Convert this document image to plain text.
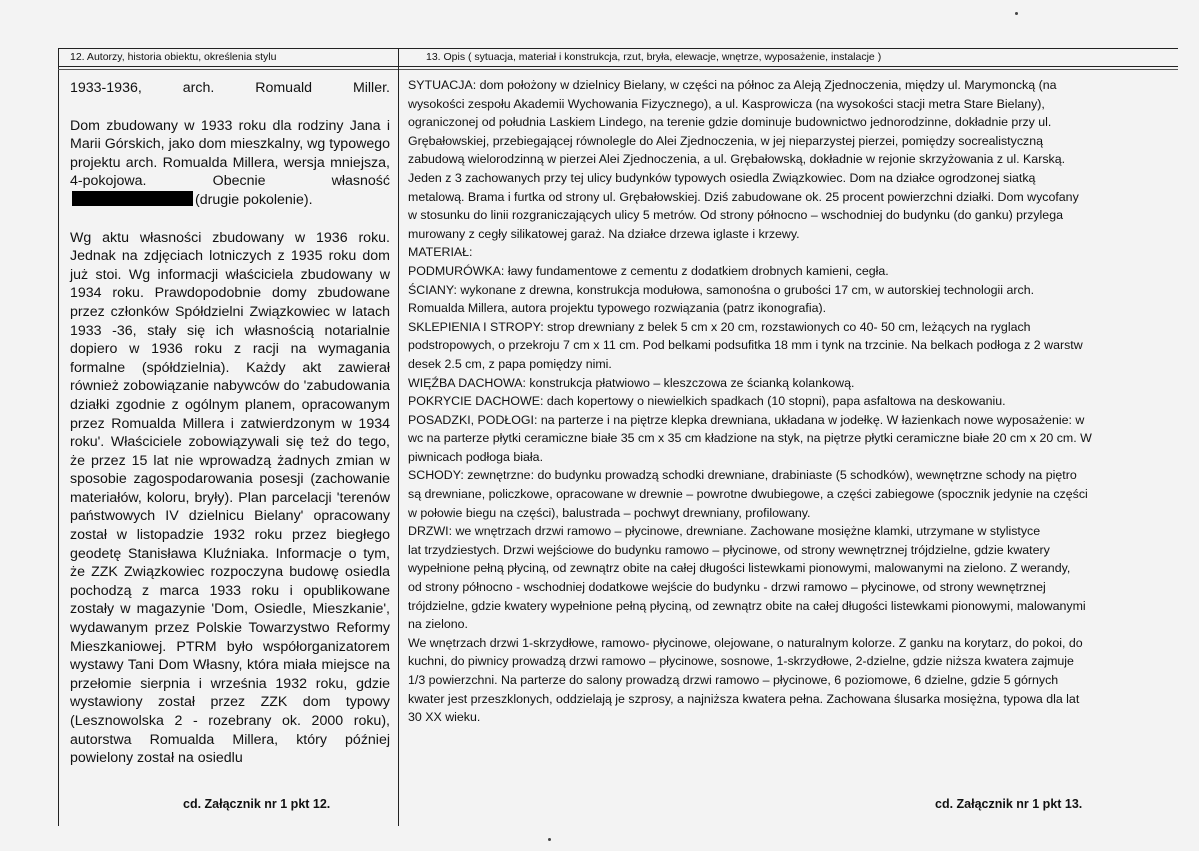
12. Autorzy, historia obiektu, określenia stylu	13. Opis ( sytuacja, materiał i konstrukcja, rzut, bryła, elewacje, wnętrze, wyposażenie, instalacje )
1933-1936,	arch.	Romuald	Miller.

Dom zbudowany w 1933 roku dla rodziny Jana i Marii Górskich, jako dom mieszkalny, wg typowego projektu arch. Romualda Millera, wersja mniejsza, 4-pokojowa. Obecnie własność (drugie pokolenie).

Wg aktu własności zbudowany w 1936 roku. Jednak na zdjęciach lotniczych z 1935 roku dom już stoi. Wg informacji właściciela zbudowany w 1934 roku. Prawdopodobnie domy zbudowane przez członków Spółdzielni Związkowiec w latach 1933 -36, stały się ich własnością notarialnie dopiero w 1936 roku z racji na wymagania formalne (spółdzielnia). Każdy akt zawierał również zobowiązanie nabywców do 'zabudowania działki zgodnie z ogólnym planem, opracowanym przez Romualda Millera i zatwierdzonym w 1934 roku'. Właściciele zobowiązywali się też do tego, że przez 15 lat nie wprowadzą żadnych zmian w sposobie zagospodarowania posesji (zachowanie materiałów, koloru, bryły). Plan parcelacji 'terenów państwowych IV dzielnicu Bielany' opracowany został w listopadzie 1932 roku przez biegłego geodetę Stanisława Kluźniaka. Informacje o tym, że ZZK Związkowiec rozpoczyna budowę osiedla pochodzą z marca 1933 roku i opublikowane zostały w magazynie 'Dom, Osiedle, Mieszkanie', wydawanym przez Polskie Towarzystwo Reformy Mieszkaniowej. PTRM było współorganizatorem wystawy Tani Dom Własny, która miała miejsce na przełomie sierpnia i września 1932 roku, gdzie wystawiony został przez ZZK dom typowy (Lesznowolska 2 - rozebrany ok. 2000 roku), autorstwa Romualda Millera, który później powielony został na osiedlu

cd. Załącznik nr 1 pkt 12.
SYTUACJA: dom położony w dzielnicy Bielany, w części na północ za Aleją Zjednoczenia, między ul. Marymoncką (na
wysokości zespołu Akademii Wychowania Fizycznego), a ul. Kasprowicza (na wysokości stacji metra Stare Bielany),
ograniczonej od południa Laskiem Lindego, na terenie gdzie dominuje budownictwo jednorodzinne, dokładnie przy ul.
Grębałowskiej, przebiegającej równolegle do Alei Zjednoczenia, w jej nieparzystej pierzei, pomiędzy socrealistyczną
zabudową wielorodzinną w pierzei Alei Zjednoczenia, a ul. Grębałowską, dokładnie w rejonie skrzyżowania z ul. Karską.
Jeden z 3 zachowanych przy tej ulicy budynków typowych osiedla Związkowiec. Dom na działce ogrodzonej siatką
metalową. Brama i furtka od strony ul. Grębałowskiej. Dziś zabudowane ok. 25 procent powierzchni działki. Dom wycofany
w stosunku do linii rozgraniczających ulicy 5 metrów. Od strony północno – wschodniej do budynku (do ganku) przylega
murowany z cegły silikatowej garaż. Na działce drzewa iglaste i krzewy.
MATERIAŁ:
PODMURÓWKA: ławy fundamentowe z cementu z dodatkiem drobnych kamieni, cegła.
ŚCIANY: wykonane z drewna, konstrukcja modułowa, samonośna o grubości 17 cm, w autorskiej technologii arch.
Romualda Millera, autora projektu typowego rozwiązania (patrz ikonografia).
SKLEPIENIA I STROPY: strop drewniany z belek 5 cm x 20 cm, rozstawionych co 40- 50 cm, leżących na ryglach
podstropowych, o przekroju 7 cm x 11 cm. Pod belkami podsufitka 18 mm i tynk na trzcinie. Na belkach podłoga z 2 warstw
desek 2.5 cm, z papa pomiędzy nimi.
WIĘŹBA DACHOWA: konstrukcja płatwiowo – kleszczowa ze ścianką kolankową.
POKRYCIE DACHOWE: dach kopertowy o niewielkich spadkach (10 stopni), papa asfaltowa na deskowaniu.
POSADZKI, PODŁOGI: na parterze i na piętrze klepka drewniana, układana w jodełkę. W łazienkach nowe wyposażenie: w
wc na parterze płytki ceramiczne białe 35 cm x 35 cm kładzione na styk, na piętrze płytki ceramiczne białe 20 cm x 20 cm. W
piwnicach podłoga biała.
SCHODY: zewnętrzne: do budynku prowadzą schodki drewniane, drabiniaste (5 schodków), wewnętrzne schody na piętro
są drewniane, policzkowe, opracowane w drewnie – powrotne dwubiegowe, a części zabiegowe (spocznik jedynie na części
w połowie biegu na części), balustrada – pochwyt drewniany, profilowany.
DRZWI: we wnętrzach drzwi ramowo – płycinowe, drewniane. Zachowane mosiężne klamki, utrzymane w stylistyce
lat trzydziestych. Drzwi wejściowe do budynku ramowo – płycinowe, od strony wewnętrznej trójdzielne, gdzie kwatery
wypełnione pełną płyciną, od zewnątrz obite na całej długości listewkami pionowymi, malowanymi na zielono. Z werandy,
od strony północno - wschodniej dodatkowe wejście do budynku - drzwi ramowo – płycinowe, od strony wewnętrznej
trójdzielne, gdzie kwatery wypełnione pełną płyciną, od zewnątrz obite na całej długości listewkami pionowymi, malowanymi
na zielono.
We wnętrzach drzwi 1-skrzydłowe, ramowo- płycinowe, olejowane, o naturalnym kolorze. Z ganku na korytarz, do pokoi, do
kuchni, do piwnicy prowadzą drzwi ramowo – płycinowe, sosnowe, 1-skrzydłowe, 2-dzielne, gdzie niższa kwatera zajmuje
1/3 powierzchni. Na parterze do salony prowadzą drzwi ramowo – płycinowe, 6 poziomowe, 6 dzielne, gdzie 5 górnych
kwater jest przeszklonych, oddzielają je szprosy, a najniższa kwatera pełna. Zachowana ślusarka mosiężna, typowa dla lat
30 XX wieku.
cd. Załącznik nr 1 pkt 13.
